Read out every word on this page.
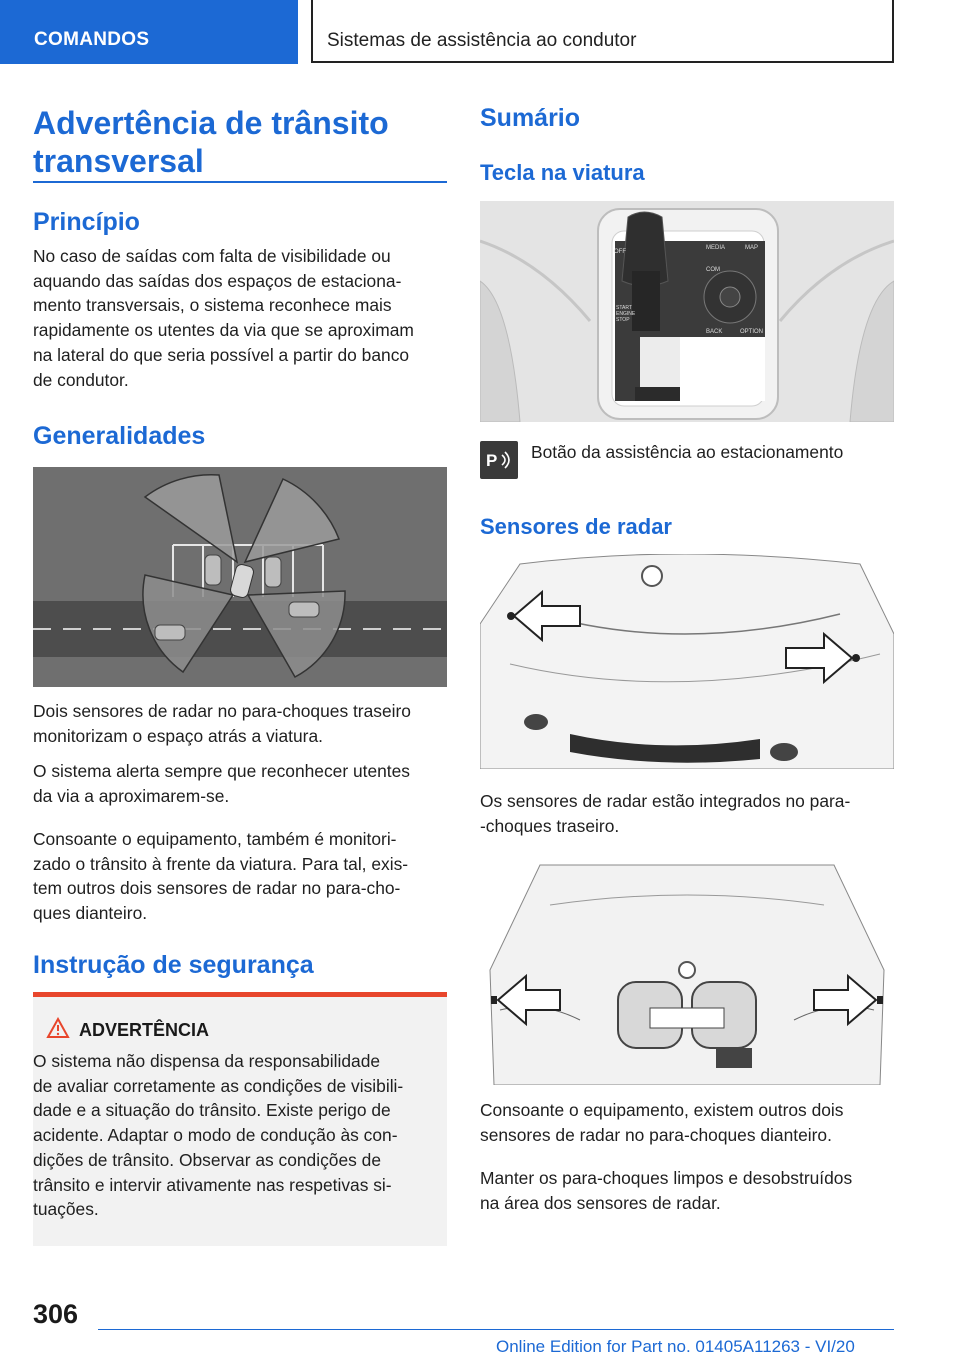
COMANDOS	Sistemas de assistência ao condutor
Advertência de trânsito
transversal
Princípio
No caso de saídas com falta de visibilidade ou
aquando das saídas dos espaços de estaciona-
mento transversais, o sistema reconhece mais
rapidamente os utentes da via que se aproximam
na lateral do que seria possível a partir do banco
de condutor.
Generalidades
Dois sensores de radar no para-choques traseiro
monitorizam o espaço atrás a viatura.
O sistema alerta sempre que reconhecer utentes
da via a aproximarem-se.
Consoante o equipamento, também é monitori-
zado o trânsito à frente da viatura. Para tal, exis-
tem outros dois sensores de radar no para-cho-
ques dianteiro.
Instrução de segurança
ADVERTÊNCIA
O sistema não dispensa da responsabilidade
de avaliar corretamente as condições de visibili-
dade e a situação do trânsito. Existe perigo de
acidente. Adaptar o modo de condução às con-
dições de trânsito. Observar as condições de
trânsito e intervir ativamente nas respetivas si-
tuações.
Sumário
Tecla na viatura
OFF
MEDIA	MAP
COM
BACK	OPTION
START
ENGINE
STOP
P Botão da assistência ao estacionamento
Sensores de radar
Os sensores de radar estão integrados no para-
-choques traseiro.
Consoante o equipamento, existem outros dois
sensores de radar no para-choques dianteiro.
Manter os para-choques limpos e desobstruídos
na área dos sensores de radar.
306
Online Edition for Part no. 01405A11263 - VI/20
